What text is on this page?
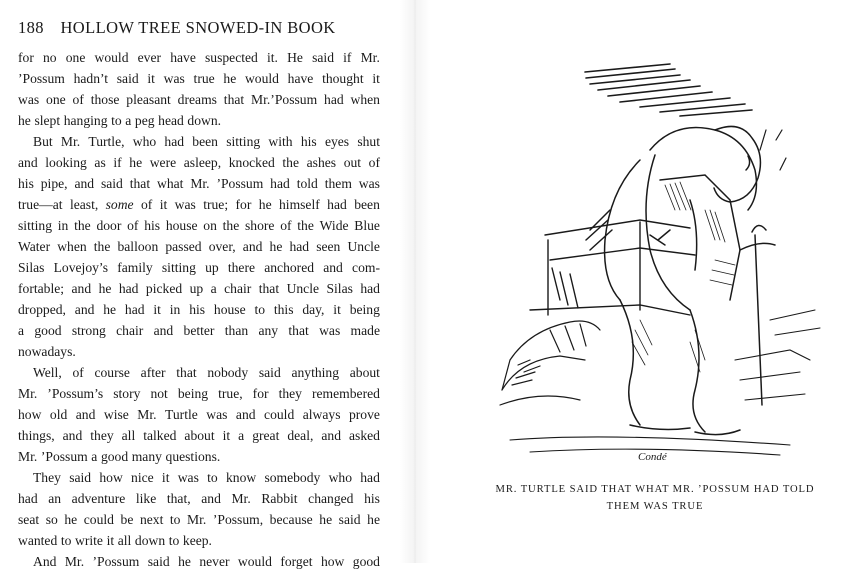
188 HOLLOW TREE SNOWED-IN BOOK
for no one would ever have suspected it. He said if Mr.
’Possum hadn’t said it was true he would have thought it
was one of those pleasant dreams that Mr.’Possum had when
he slept hanging to a peg head down.
But Mr. Turtle, who had been sitting with his eyes shut
and looking as if he were asleep, knocked the ashes out of
his pipe, and said that what Mr. ’Possum had told them was
true—at least, some of it was true; for he himself had been
sitting in the door of his house on the shore of the Wide Blue
Water when the balloon passed over, and he had seen Uncle
Silas Lovejoy’s family sitting up there anchored and com-
fortable; and he had picked up a chair that Uncle Silas had
dropped, and he had it in his house to this day, it being
a good strong chair and better than any that was made
nowadays.
Well, of course after that nobody said anything about
Mr. ’Possum’s story not being true, for they remembered
how old and wise Mr. Turtle was and could always prove
things, and they all talked about it a great deal, and asked
Mr. ’Possum a good many questions.
They said how nice it was to know somebody who had
had an adventure like that, and Mr. Rabbit changed his
seat so he could be next to Mr. ’Possum, because he said he
wanted to write it all down to keep.
And Mr. ’Possum said he never would forget how good
Condé
MR. TURTLE SAID THAT WHAT MR. ’POSSUM HAD TOLD
THEM WAS TRUE
